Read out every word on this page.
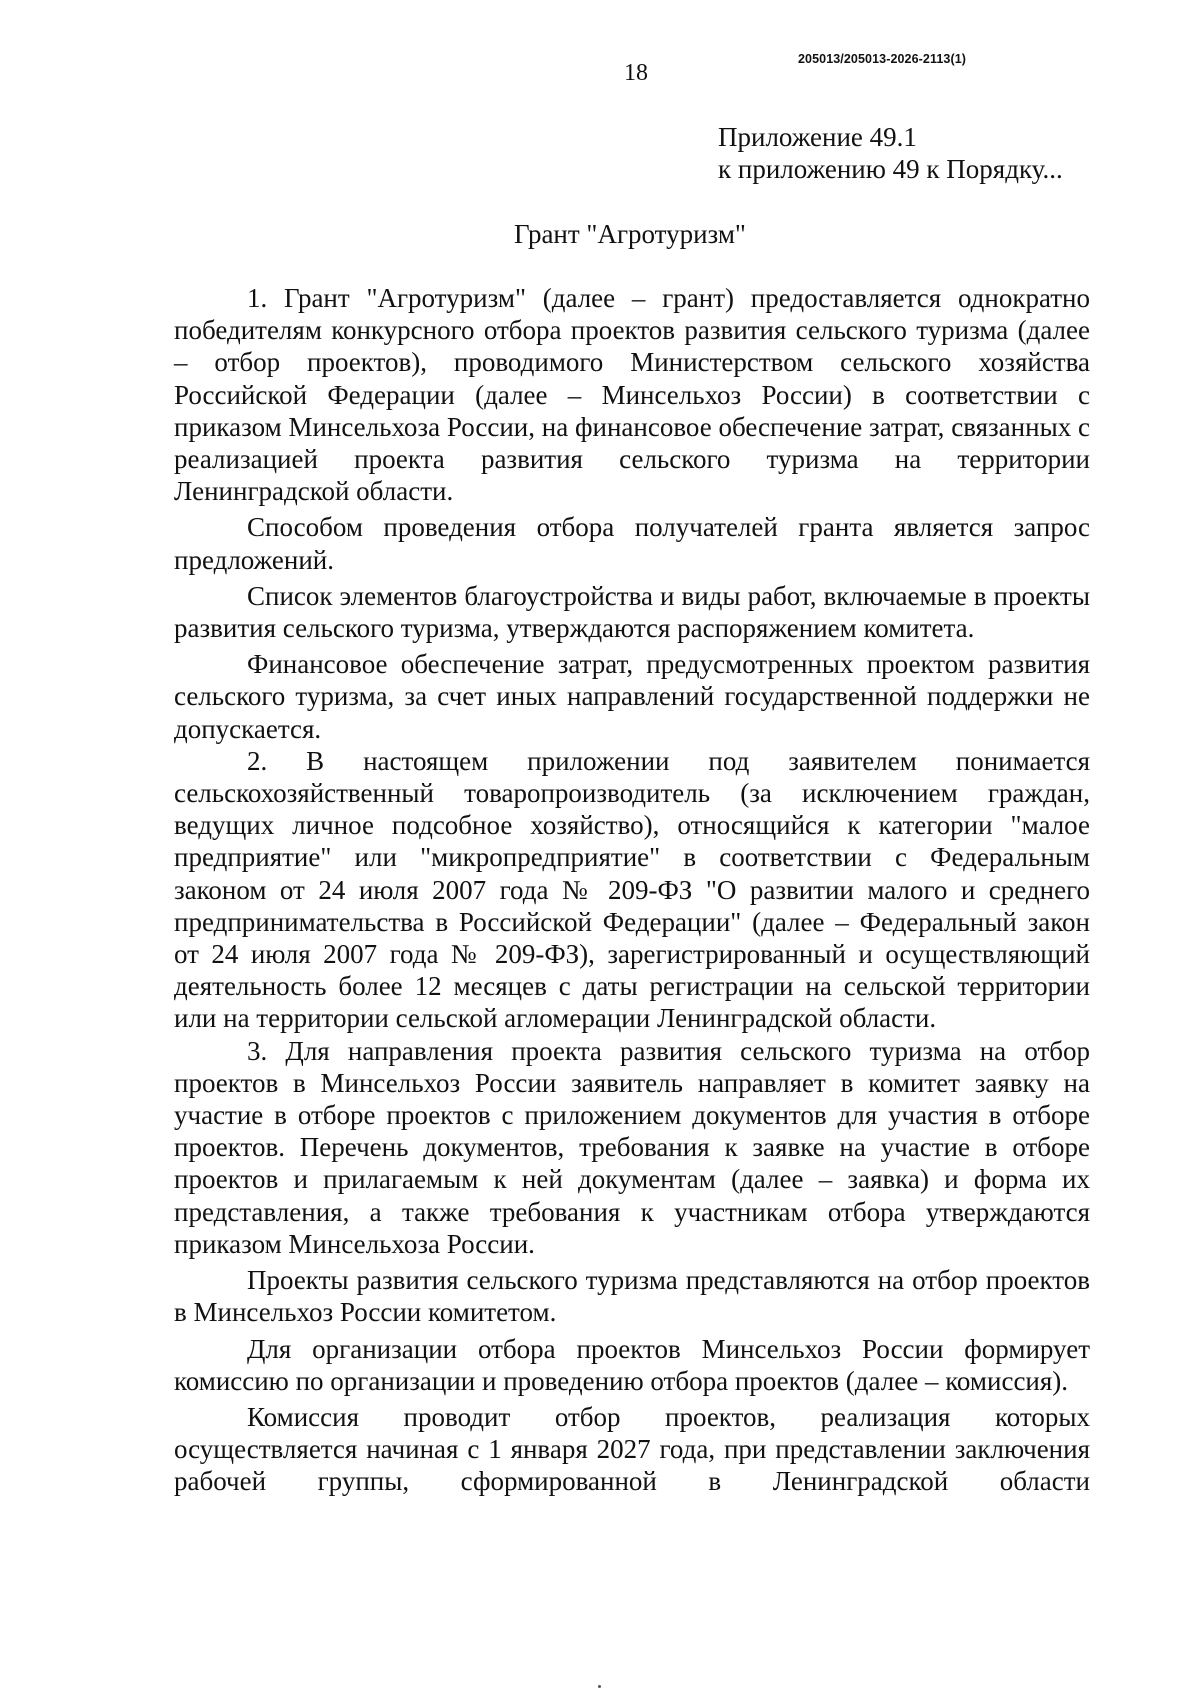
205013/205013-2026-2113(1)
18
Приложение 49.1
к приложению 49 к Порядку...
Грант "Агротуризм"

1. Грант "Агротуризм" (далее – грант) предоставляется однократно победителям конкурсного отбора проектов развития сельского туризма (далее – отбор проектов), проводимого Министерством сельского хозяйства Российской Федерации (далее – Минсельхоз России) в соответствии с приказом Минсельхоза России, на финансовое обеспечение затрат, связанных с реализацией проекта развития сельского туризма на территории Ленинградской области.

Способом проведения отбора получателей гранта является запрос предложений.

Список элементов благоустройства и виды работ, включаемые в проекты развития сельского туризма, утверждаются распоряжением комитета.

Финансовое обеспечение затрат, предусмотренных проектом развития сельского туризма, за счет иных направлений государственной поддержки не допускается.

2. В настоящем приложении под заявителем понимается сельскохозяйственный товаропроизводитель (за исключением граждан, ведущих личное подсобное хозяйство), относящийся к категории "малое предприятие" или "микропредприятие" в соответствии с Федеральным законом от 24 июля 2007 года № 209-ФЗ "О развитии малого и среднего предпринимательства в Российской Федерации" (далее – Федеральный закон от 24 июля 2007 года № 209-ФЗ), зарегистрированный и осуществляющий деятельность более 12 месяцев с даты регистрации на сельской территории или на территории сельской агломерации Ленинградской области.

3. Для направления проекта развития сельского туризма на отбор проектов в Минсельхоз России заявитель направляет в комитет заявку на участие в отборе проектов с приложением документов для участия в отборе проектов. Перечень документов, требования к заявке на участие в отборе проектов и прилагаемым к ней документам (далее – заявка) и форма их представления, а также требования к участникам отбора утверждаются приказом Минсельхоза России.

Проекты развития сельского туризма представляются на отбор проектов в Минсельхоз России комитетом.

Для организации отбора проектов Минсельхоз России формирует комиссию по организации и проведению отбора проектов (далее – комиссия).

Комиссия проводит отбор проектов, реализация которых осуществляется начиная с 1 января 2027 года, при представлении заключения рабочей группы, сформированной в Ленинградской области
